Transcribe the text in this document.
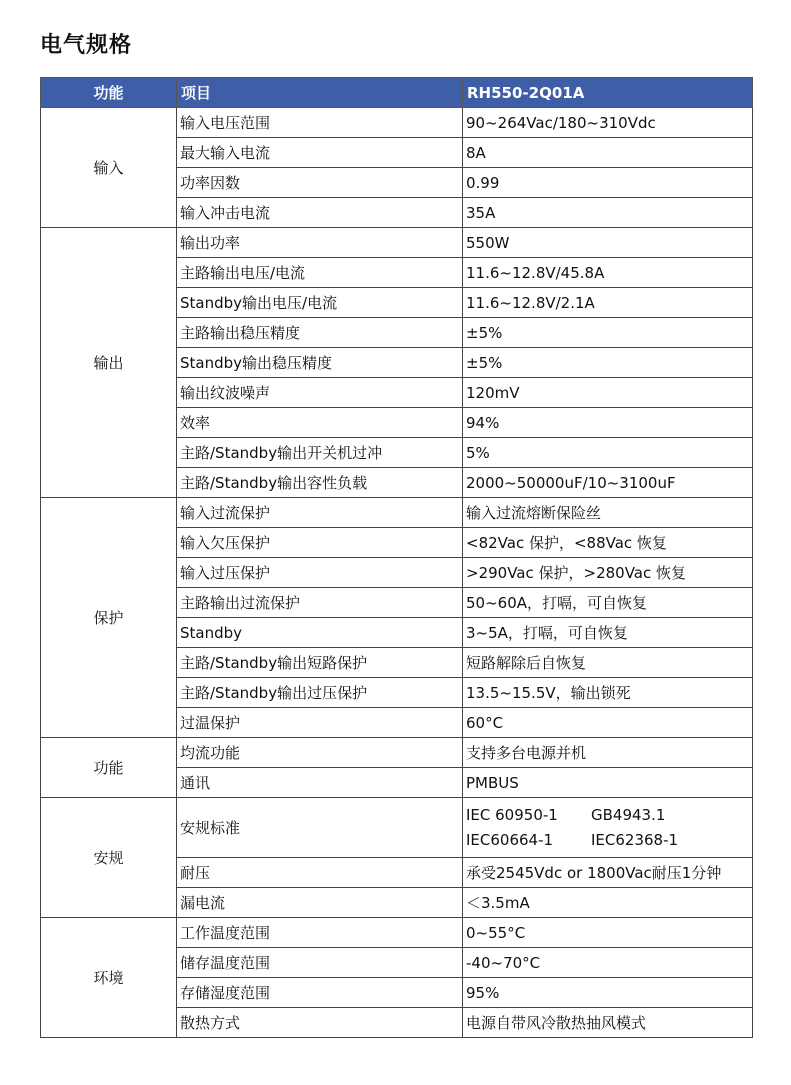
电气规格
功能	项目	RH550-2Q01A
输入	输入电压范围	90~264Vac/180~310Vdc
	最大输入电流	8A
	功率因数	0.99
	输入冲击电流	35A
输出	输出功率	550W
	主路输出电压/电流	11.6~12.8V/45.8A
	Standby输出电压/电流	11.6~12.8V/2.1A
	主路输出稳压精度	±5%
	Standby输出稳压精度	±5%
	输出纹波噪声	120mV
	效率	94%
	主路/Standby输出开关机过冲	5%
	主路/Standby输出容性负载	2000~50000uF/10~3100uF
保护	输入过流保护	输入过流熔断保险丝
	输入欠压保护	<82Vac 保护，<88Vac 恢复
	输入过压保护	>290Vac 保护，>280Vac 恢复
	主路输出过流保护	50~60A，打嗝，可自恢复
	Standby	3~5A，打嗝，可自恢复
	主路/Standby输出短路保护	短路解除后自恢复
	主路/Standby输出过压保护	13.5~15.5V，输出锁死
	过温保护	60°C
功能	均流功能	支持多台电源并机
	通讯	PMBUS
安规	安规标准	IEC 60950-1 GB4943.1
IEC60664-1 IEC62368-1

	耐压	承受2545Vdc or 1800Vac耐压1分钟
	漏电流	＜3.5mA
环境	工作温度范围	0~55°C
	储存温度范围	-40~70°C
	存储湿度范围	95%
	散热方式	电源自带风冷散热抽风模式
